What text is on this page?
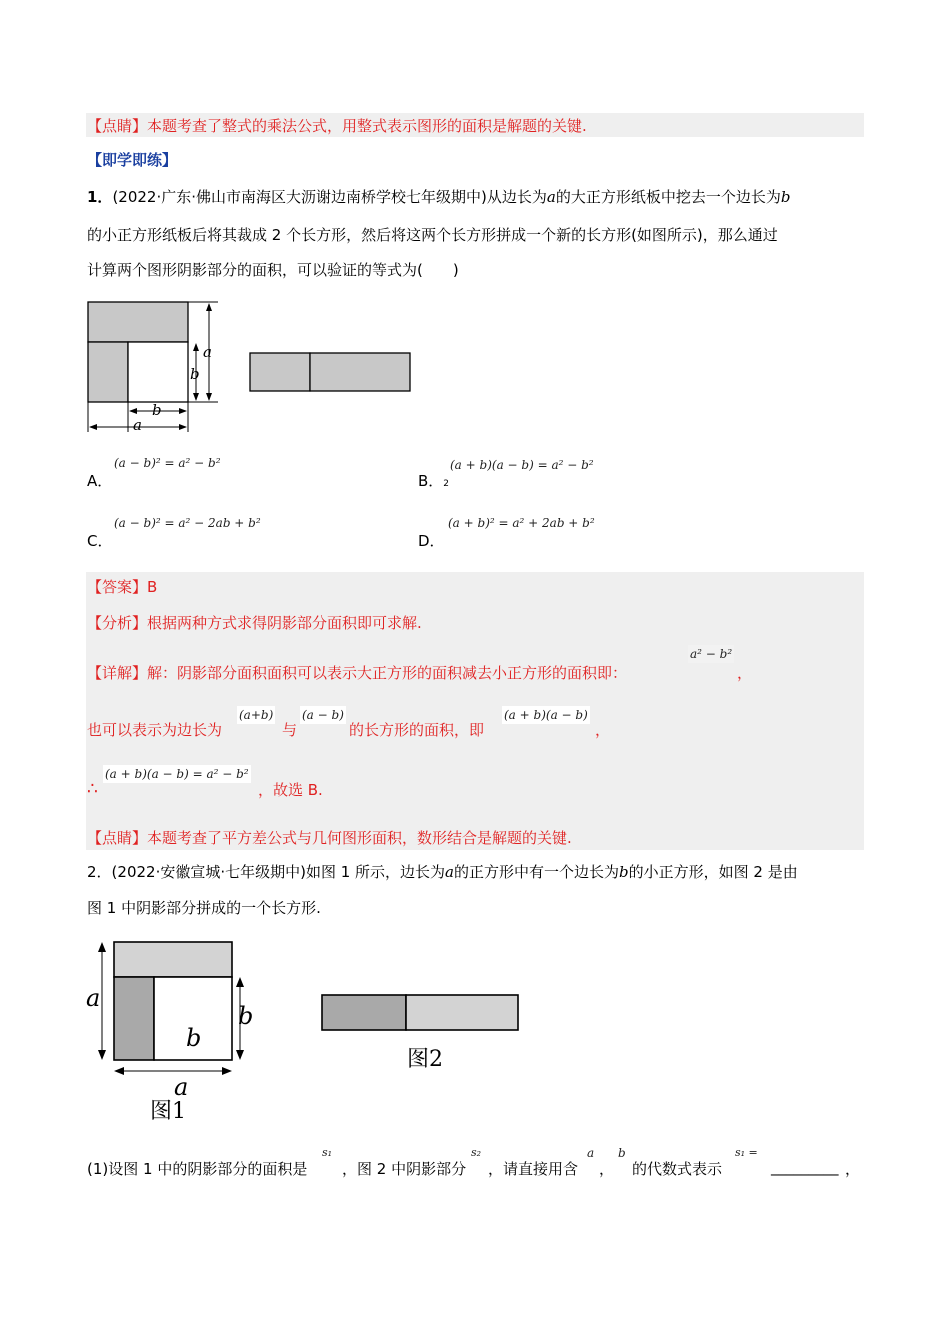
【点睛】本题考查了整式的乘法公式，用整式表示图形的面积是解题的关键.
【即学即练】
1．(2022·广东·佛山市南海区大沥谢边南桥学校七年级期中)从边长为a的大正方形纸板中挖去一个边长为b
的小正方形纸板后将其裁成 2 个长方形，然后将这两个长方形拼成一个新的长方形(如图所示)，那么通过
计算两个图形阴影部分的面积，可以验证的等式为(　　)
a
b
b
a
A．
(a − b)² = a² − b²
B．2
(a + b)(a − b) = a² − b²
C．
(a − b)² = a² − 2ab + b²
D．
(a + b)² = a² + 2ab + b²
【答案】B
【分析】根据两种方式求得阴影部分面积即可求解.
【详解】解：阴影部分面积面积可以表示大正方形的面积减去小正方形的面积即：
a² − b²
，
也可以表示为边长为
(a+b)
与
(a − b)
的长方形的面积，即
(a + b)(a − b)
，
∴
(a + b)(a − b) = a² − b²
，故选 B.
【点睛】本题考查了平方差公式与几何图形面积，数形结合是解题的关键.
2．(2022·安徽宣城·七年级期中)如图 1 所示，边长为a的正方形中有一个边长为b的小正方形，如图 2 是由
图 1 中阴影部分拼成的一个长方形.
a
b
b
a
图1
图2
(1)设图 1 中的阴影部分的面积是
s₁
，图 2 中阴影部分
s₂
，请直接用含
a
，
b
的代数式表示
s₁ =
_________ ，
